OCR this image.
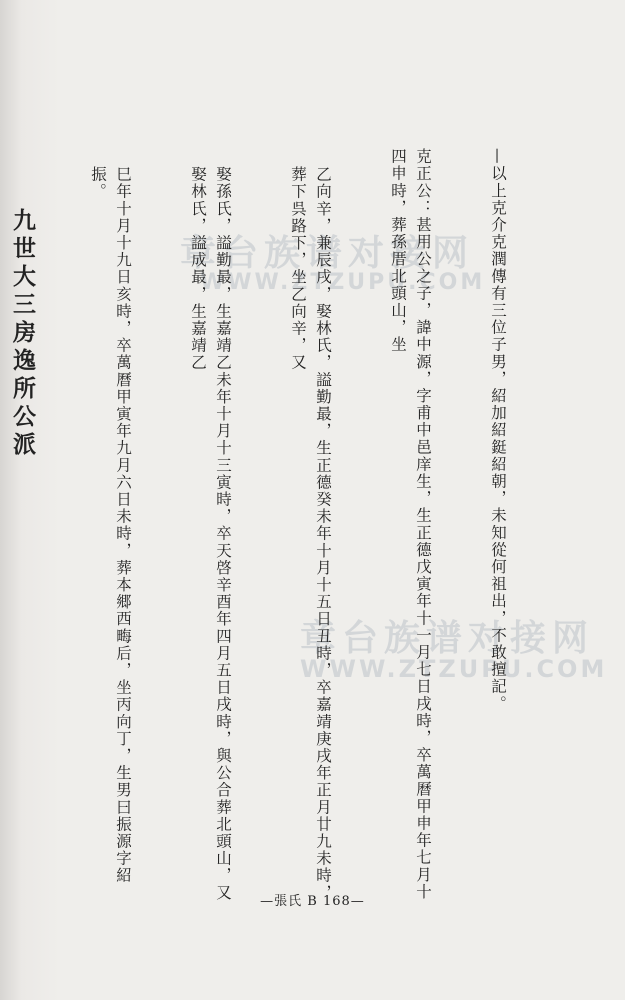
章台族谱对接网
WWW.ZTZUPU.COM
章台族谱对接网
WWW.ZTZUPU.COM

—以上克介克潤傳有三位子男，紹加紹鋌紹朝，未知從何祖出，不敢擅記。

克正公：甚用公之子，諱中源，字甫中邑庠生，生正德戊寅年十一月七日戌時，卒萬曆甲申年七月十四申時，葬孫厝北頭山，坐

乙向辛，兼辰戌，娶林氏，謚勤最，生正德癸未年十月十五日丑時，卒嘉靖庚戌年正月廿九未時，葬下呉路下，坐乙向辛，又

娶孫氏，謚勤最，生嘉靖乙未年十月十三寅時，卒天啓辛酉年四月五日戌時，與公合葬北頭山，又娶林氏，謚成最，生嘉靖乙

巳年十月十九日亥時，卒萬曆甲寅年九月六日未時，葬本郷西畮后，坐丙向丁，生男曰振源字紹振。

九世大三房逸所公派

—張氏 B 168—
